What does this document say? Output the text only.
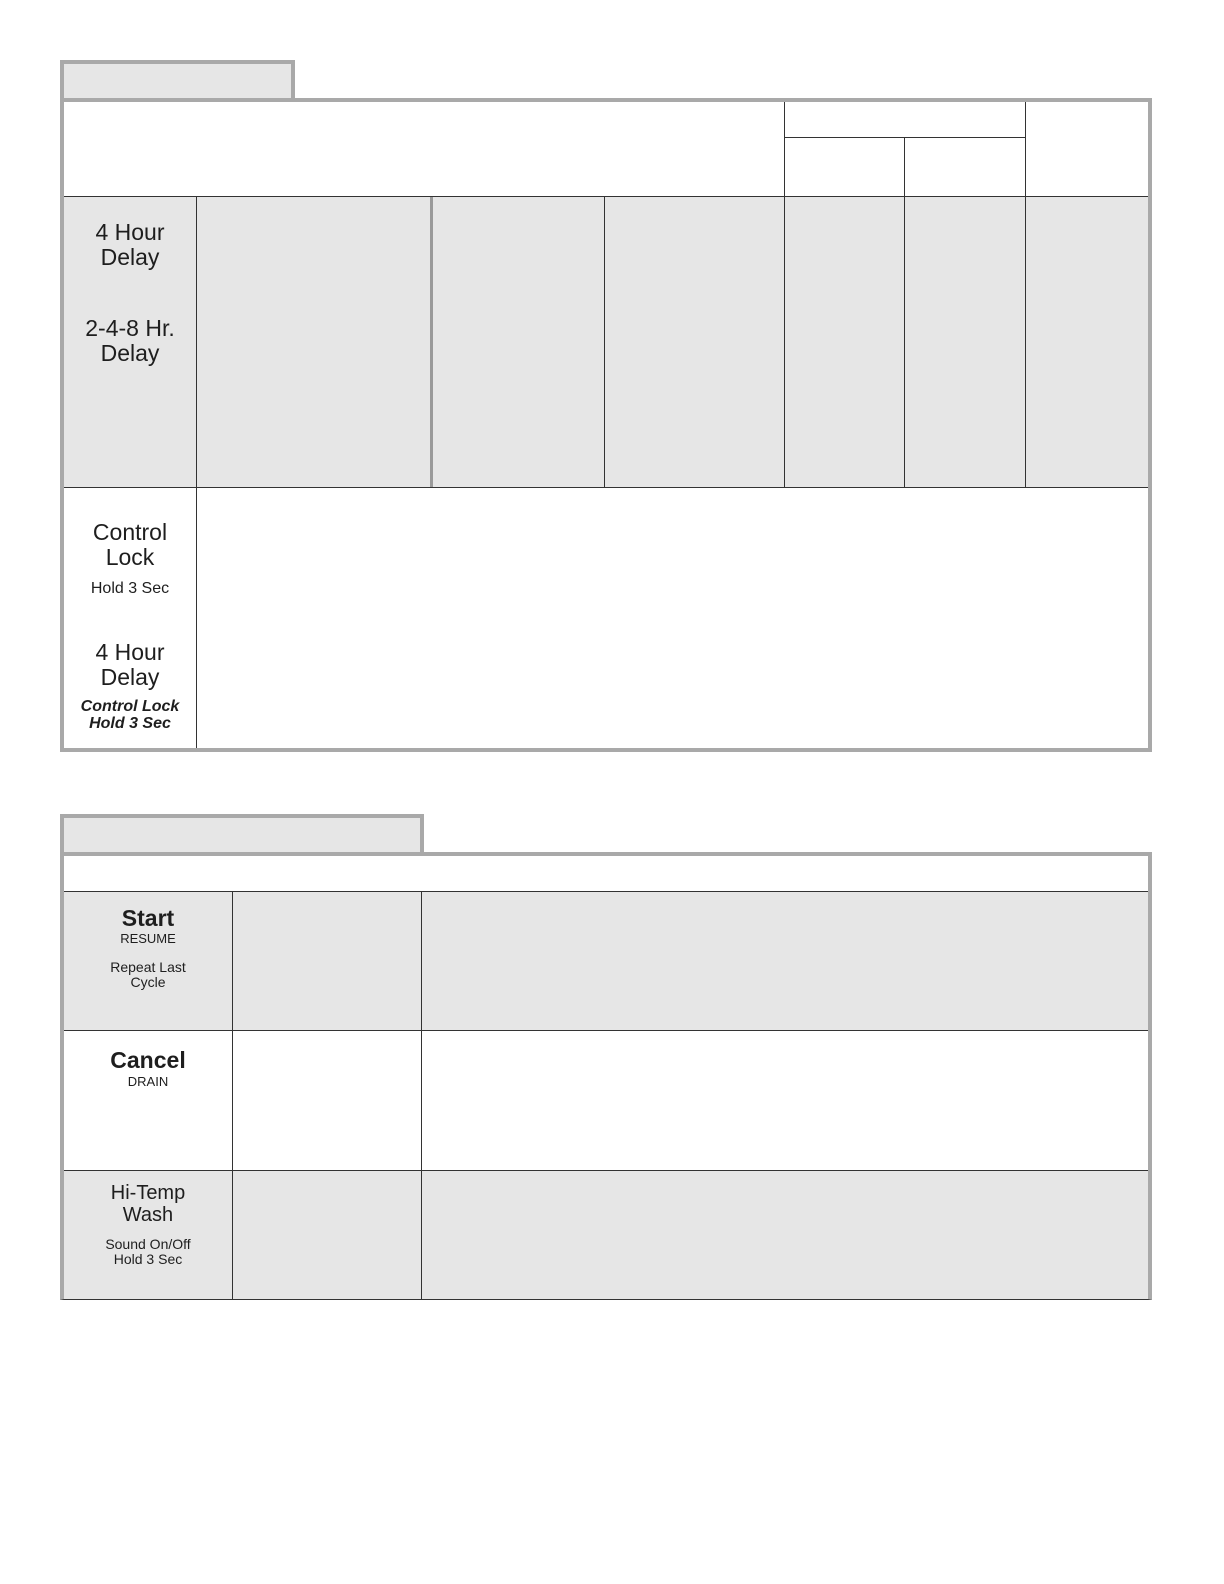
4 Hour Delay
2-4-8 Hr. Delay
Control Lock
Hold 3 Sec
4 Hour Delay
Control Lock Hold 3 Sec
Start
RESUME
Repeat Last Cycle
Cancel
DRAIN
Hi-Temp Wash
Sound On/Off Hold 3 Sec
